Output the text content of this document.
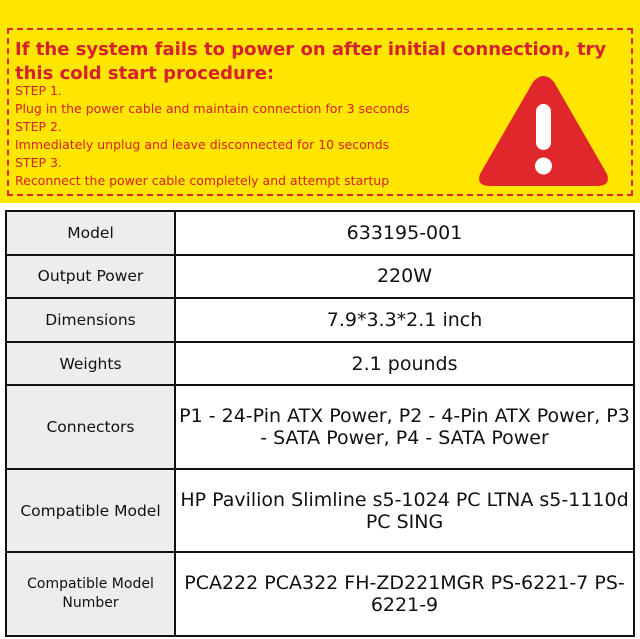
If the system fails to power on after initial connection, try this cold start procedure:
STEP 1.
Plug in the power cable and maintain connection for 3 seconds
STEP 2.
Immediately unplug and leave disconnected for 10 seconds
STEP 3.
Reconnect the power cable completely and attempt startup
Model	633195-001
Output Power	220W
Dimensions	7.9*3.3*2.1 inch
Weights	2.1 pounds
Connectors	P1 - 24-Pin ATX Power, P2 - 4-Pin ATX Power, P3 - SATA Power, P4 - SATA Power
Compatible Model	HP Pavilion Slimline s5-1024 PC LTNA s5-1110d PC SING
Compatible Model Number	PCA222 PCA322 FH-ZD221MGR PS-6221-7 PS-6221-9
